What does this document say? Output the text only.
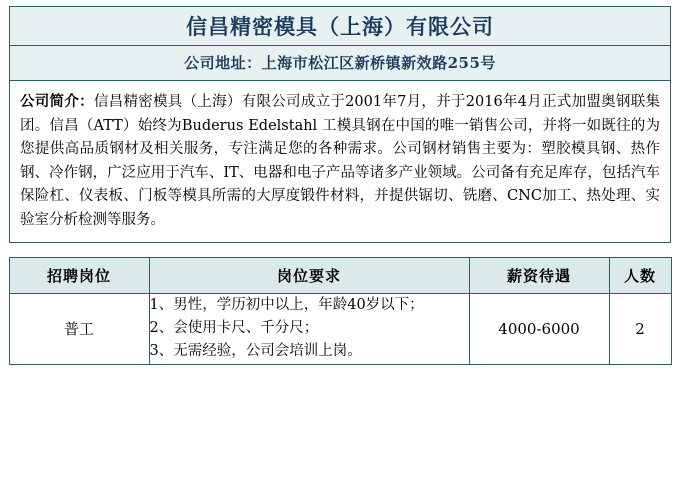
信昌精密模具（上海）有限公司

公司地址：上海市松江区新桥镇新效路255号

公司简介：信昌精密模具（上海）有限公司成立于2001年7月，并于2016年4月正式加盟奥钢联集团。信昌（ATT）始终为Buderus Edelstahl 工模具钢在中国的唯一销售公司，并将一如既往的为您提供高品质钢材及相关服务，专注满足您的各种需求。公司钢材销售主要为：塑胶模具钢、热作钢、冷作钢，广泛应用于汽车、IT、电器和电子产品等诸多产业领域。公司备有充足库存，包括汽车保险杠、仪表板、门板等模具所需的大厚度锻件材料，并提供锯切、铣磨、CNC加工、热处理、实验室分析检测等服务。
招聘岗位	岗位要求	薪资待遇	人数
普工	1、男性，学历初中以上，年龄40岁以下；
2、会使用卡尺、千分尺；
3、无需经验，公司会培训上岗。	4000-6000	2
